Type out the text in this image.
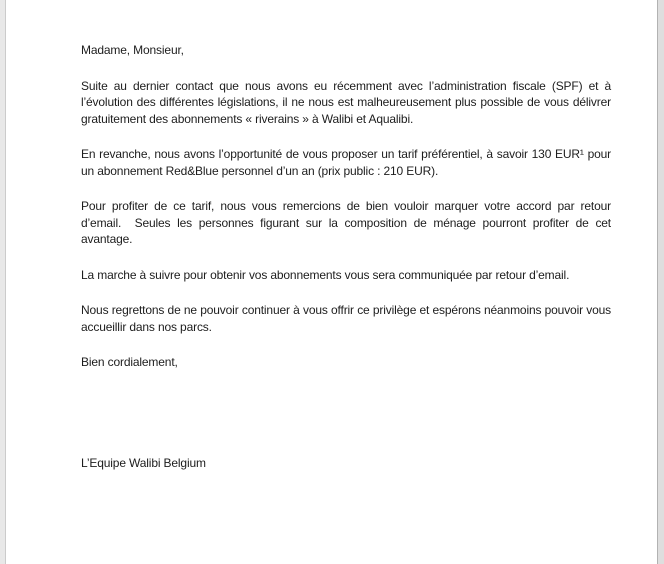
Madame, Monsieur,

Suite au dernier contact que nous avons eu récemment avec l’administration fiscale (SPF) et à l’évolution des différentes législations, il ne nous est malheureusement plus possible de vous délivrer gratuitement des abonnements « riverains » à Walibi et Aqualibi.

En revanche, nous avons l’opportunité de vous proposer un tarif préférentiel, à savoir 130 EUR¹ pour un abonnement Red&Blue personnel d’un an (prix public : 210 EUR).

Pour profiter de ce tarif, nous vous remercions de bien vouloir marquer votre accord par retour d’email.  Seules les personnes figurant sur la composition de ménage pourront profiter de cet avantage.

La marche à suivre pour obtenir vos abonnements vous sera communiquée par retour d’email.

Nous regrettons de ne pouvoir continuer à vous offrir ce privilège et espérons néanmoins pouvoir vous accueillir dans nos parcs.

Bien cordialement,

L’Equipe Walibi Belgium
